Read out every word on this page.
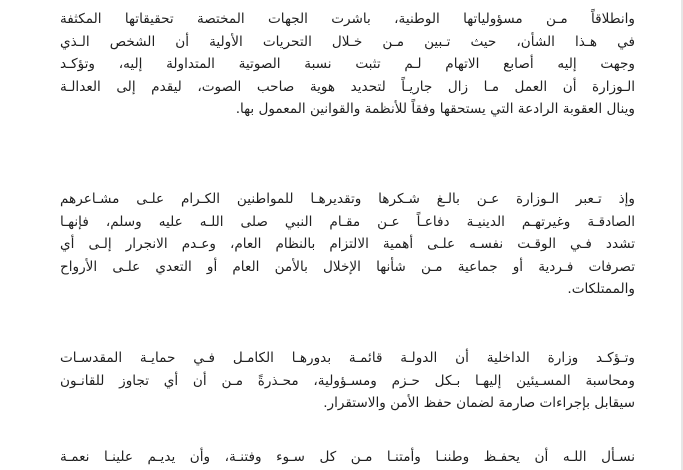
وانطلاقاً مـن مسؤولياتها الوطنية، باشرت الجهات المختصة تحقيقاتها المكثفة
في هـذا الشأن، حيث تـبين مـن خـلال التحريات الأولية أن الشخص الـذي
وجهت إليه أصابع الاتهام لـم تثبت نسبة الصوتية المتداولة إليه، وتؤكـد
الـوزارة أن العمل مـا زال جاريـاً لتحديد هوية صاحب الصوت، ليقدم إلى العدالـة
وينال العقوبة الرادعة التي يستحقها وفقاً للأنظمة والقوانين المعمول بها.
وإذ تـعبر الـوزارة عـن بالـغ شـكرها وتقديرهـا للمواطنين الكـرام علـى مشـاعرهم
الصادقـة وغيرتهـم الدينيـة دفاعـاً عـن مقـام النبي صلى اللـه عليه وسلم، فإنهـا
تشدد فـي الوقـت نفسـه علـى أهمية الالتزام بالنظام العام، وعـدم الانجرار إلـى أي
تصرفات فـردية أو جماعية مـن شأنها الإخلال بالأمن العام أو التعدي علـى الأرواح
والممتلكات.
وتـؤكـد وزارة الداخلية أن الدولـة قائمـة بدورهـا الكامـل فـي حمايـة المقدسـات
ومحاسبة المسـيئين إليهـا بـكل حـزم ومسـؤولية، محـذرةً مـن أن أي تجاوز للقانـون
سيقابل بإجراءات صارمة لضمان حفظ الأمن والاستقرار.
نسـأل اللـه أن يحفـظ وطننـا وأمتنـا مـن كل سـوء وفتنـة، وأن يديـم علينـا نعمـة
